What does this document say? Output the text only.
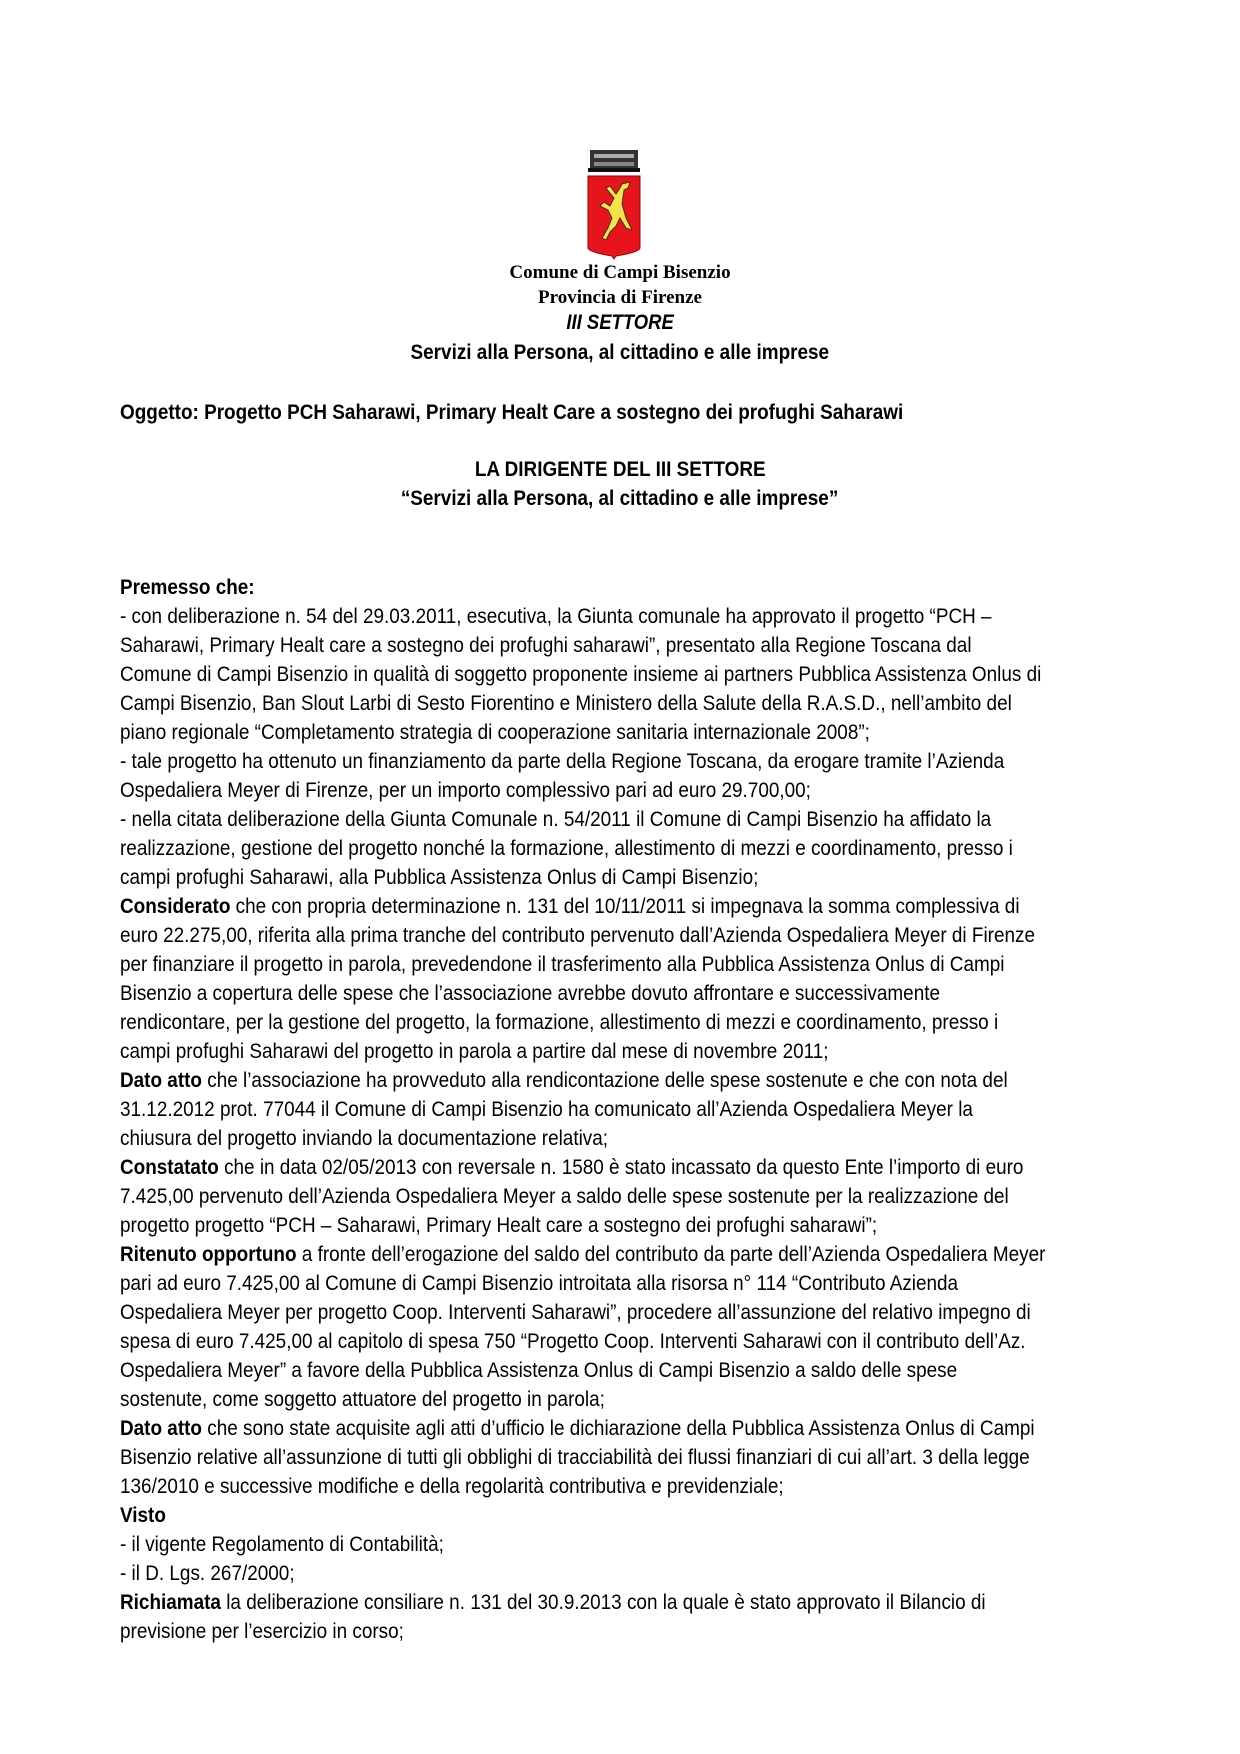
Comune di Campi Bisenzio
Provincia di Firenze
III SETTORE
Servizi alla Persona, al cittadino e alle imprese
Oggetto: Progetto PCH Saharawi, Primary Healt Care a sostegno dei profughi Saharawi
LA DIRIGENTE DEL III SETTORE
“Servizi alla Persona, al cittadino e alle imprese”
Premesso che:
- con deliberazione n. 54 del 29.03.2011, esecutiva, la Giunta comunale ha approvato il progetto “PCH –
Saharawi, Primary Healt care a sostegno dei profughi saharawi”, presentato alla Regione Toscana dal
Comune di Campi Bisenzio in qualità di soggetto proponente insieme ai partners Pubblica Assistenza Onlus di
Campi Bisenzio, Ban Slout Larbi di Sesto Fiorentino e Ministero della Salute della R.A.S.D., nell’ambito del
piano regionale “Completamento strategia di cooperazione sanitaria internazionale 2008”;
- tale progetto ha ottenuto un finanziamento da parte della Regione Toscana, da erogare tramite l’Azienda
Ospedaliera Meyer di Firenze, per un importo complessivo pari ad euro 29.700,00;
- nella citata deliberazione della Giunta Comunale n. 54/2011 il Comune di Campi Bisenzio ha affidato la
realizzazione, gestione del progetto nonché la formazione, allestimento di mezzi e coordinamento, presso i
campi profughi Saharawi, alla Pubblica Assistenza Onlus di Campi Bisenzio;
Considerato che con propria determinazione n. 131 del 10/11/2011 si impegnava la somma complessiva di
euro 22.275,00, riferita alla prima tranche del contributo pervenuto dall’Azienda Ospedaliera Meyer di Firenze
per finanziare il progetto in parola, prevedendone il trasferimento alla Pubblica Assistenza Onlus di Campi
Bisenzio a copertura delle spese che l’associazione avrebbe dovuto affrontare e successivamente
rendicontare, per la gestione del progetto, la formazione, allestimento di mezzi e coordinamento, presso i
campi profughi Saharawi del progetto in parola a partire dal mese di novembre 2011;
Dato atto che l’associazione ha provveduto alla rendicontazione delle spese sostenute e che con nota del
31.12.2012 prot. 77044 il Comune di Campi Bisenzio ha comunicato all’Azienda Ospedaliera Meyer la
chiusura del progetto inviando la documentazione relativa;
Constatato che in data 02/05/2013 con reversale n. 1580 è stato incassato da questo Ente l’importo di euro
7.425,00 pervenuto dell’Azienda Ospedaliera Meyer a saldo delle spese sostenute per la realizzazione del
progetto progetto “PCH – Saharawi, Primary Healt care a sostegno dei profughi saharawi”;
Ritenuto opportuno a fronte dell’erogazione del saldo del contributo da parte dell’Azienda Ospedaliera Meyer
pari ad euro 7.425,00 al Comune di Campi Bisenzio introitata alla risorsa n° 114 “Contributo Azienda
Ospedaliera Meyer per progetto Coop. Interventi Saharawi”, procedere all’assunzione del relativo impegno di
spesa di euro 7.425,00 al capitolo di spesa 750 “Progetto Coop. Interventi Saharawi con il contributo dell’Az.
Ospedaliera Meyer” a favore della Pubblica Assistenza Onlus di Campi Bisenzio a saldo delle spese
sostenute, come soggetto attuatore del progetto in parola;
Dato atto che sono state acquisite agli atti d’ufficio le dichiarazione della Pubblica Assistenza Onlus di Campi
Bisenzio relative all’assunzione di tutti gli obblighi di tracciabilità dei flussi finanziari di cui all’art. 3 della legge
136/2010 e successive modifiche e della regolarità contributiva e previdenziale;
Visto
- il vigente Regolamento di Contabilità;
- il D. Lgs. 267/2000;
Richiamata la deliberazione consiliare n. 131 del 30.9.2013 con la quale è stato approvato il Bilancio di
previsione per l’esercizio in corso;
